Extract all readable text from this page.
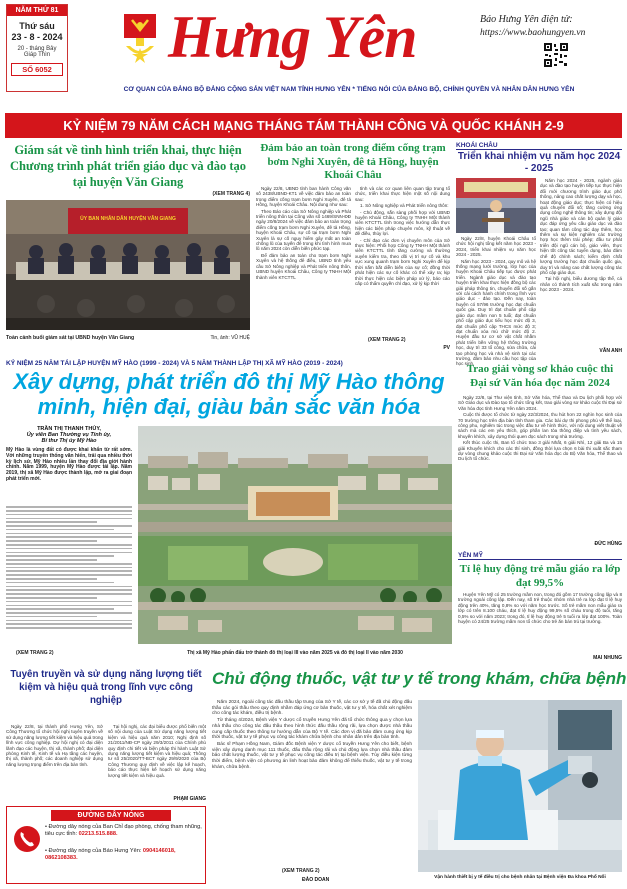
NĂM THỨ 81
Thứ sáu
23 - 8 - 2024
20 - tháng Bảy
Giáp Thìn
SỐ 6052 Hưng Yên	Báo Hưng Yên điện tử:
https://www.baohungyen.vn
CƠ QUAN CỦA ĐẢNG BỘ ĐẢNG CỘNG SẢN VIỆT NAM TỈNH HƯNG YÊN * TIẾNG NÓI CỦA ĐẢNG BỘ, CHÍNH QUYỀN VÀ NHÂN DÂN HƯNG YÊN
KỶ NIỆM 79 NĂM CÁCH MẠNG THÁNG TÁM THÀNH CÔNG VÀ QUỐC KHÁNH 2-9
Giám sát về tình hình triển khai, thực hiện Chương trình phát triển giáo dục và đào tạo tại huyện Văn Giang
(XEM TRANG 4)
ỦY BAN NHÂN DÂN HUYỆN VĂN GIANG
Toàn cảnh buổi giám sát tại UBND huyện Văn Giang	Tin, ảnh: VŨ HUỆ
Đảm bảo an toàn trong điểm cống trạm bơm Nghi Xuyên, đê tả Hồng, huyện Khoái Châu

Ngày 22/8, UBND tỉnh ban hành Công văn số 2438/UBND-KT1 về việc đảm bảo an toàn trọng điểm cống trạm bơm Nghi Xuyên, đê tả Hồng, huyện Khoái Châu. Nội dung như sau:

Theo Báo cáo của Sở Nông nghiệp và Phát triển nông thôn tại Công văn số 1469/SNN-ĐĐ ngày 20/8/2024 về việc đảm bảo an toàn trọng điểm cống trạm bơm Nghi Xuyên, đê tả Hồng, huyện Khoái Châu, sự cố tại trạm bơm Nghi Xuyên là sự cố nguy hiểm gây mất an toàn chống lũ của tuyến đê trong khi tình hình mưa lũ năm 2024 còn diễn biến phức tạp.

Để đảm bảo an toàn cho trạm bơm Nghi Xuyên và hệ thống đê điều, UBND tỉnh yêu cầu Sở Nông nghiệp và Phát triển nông thôn, UBND huyện Khoái Châu, Công ty TNHH Một thành viên KTCTTL

tỉnh và các cơ quan liên quan tập trung tổ chức, triển khai thực hiện một số nội dung sau:

1. Sở Nông nghiệp và Phát triển nông thôn:

- Chủ động, sẵn sàng phối hợp với UBND huyện Khoái Châu, Công ty TNHH Một thành viên KTCTTL tỉnh trong việc hướng dẫn thực hiện các biện pháp chuyên môn, kỹ thuật về đê điều, thủy lợi.

- Chỉ đạo các đơn vị chuyên môn của Sở thực hiện: Phối hợp Công ty TNHH Một thành viên KTCTTL tỉnh tăng cường và thường xuyên kiểm tra, theo dõi vị trí sự cố và khu vực xung quanh trạm bơm Nghi Xuyên để kịp thời nắm bắt diễn biến của sự cố; đồng thời phát hiện các sự cố khác có thể xảy ra; kịp thời thực hiện các biện pháp xử lý, báo cáo cấp có thẩm quyền chỉ đạo, xử lý kịp thời

(XEM TRANG 2)
PV
KHOÁI CHÂU
Triển khai nhiệm vụ năm học 2024 - 2025

Ngày 22/8, huyện Khoái Châu tổ chức hội nghị tổng kết năm học 2023 - 2024, triển khai nhiệm vụ năm học 2024 - 2025.

Năm học 2023 - 2024, quy mô và hệ thống mạng lưới trường, lớp học của huyện Khoái Châu tiếp tục được phát triển. Ngành giáo dục và đào tạo huyện triển khai thực hiện đồng bộ các giải pháp thông tin, chuyển đổi số gắn với cải cách hành chính trong lĩnh vực giáo dục - đào tạo. Đến nay, toàn huyện có 57/96 trường học đạt chuẩn quốc gia. Duy trì đạt chuẩn phổ cập giáo dục mầm non 5 tuổi; đạt chuẩn phổ cập giáo dục tiểu học mức độ 3, đạt chuẩn phổ cập THCS mức độ 3; đạt chuẩn xóa mù chữ mức độ 2. Huyện đầu tư cơ sở vật chất nhằm phát triển bền vững hệ thống trường học, duy trì 33 tổ công, sửa chữa, cải tạo phòng học và nhà vệ sinh tại các trường, đảm bảo nhu cầu học tập của học sinh.

Năm học 2024 - 2025, ngành giáo dục và đào tạo huyện tiếp tục thực hiện đổi mới chương trình giáo dục phổ thông, nâng cao chất lượng dạy và học, hoạt động giáo dục; thực hiện có hiệu quả chuyển đổi số; tăng cường ứng dụng công nghệ thông tin; xây dựng đội ngũ nhà giáo và cán bộ quản lý giáo dục đáp ứng yêu cầu giáo dục và đào tạo; quan tâm công tác dạy thêm, học thêm và sự kiện nghiêm các trường hợp học thêm trái phép; đầu tư phát triển đội ngũ cán bộ, giáo viên, thực hiện tốt công tác tuyển dụng, bảo đảm chế độ chính sách; kiểm định chất lượng trường học đạt chuẩn quốc gia, duy trì và nâng cao chất lượng công tác phổ cập giáo dục.

Tại hội nghị, biểu dương tập thể, cá nhân có thành tích xuất sắc trong năm học 2023 - 2024.

VÂN ANH
KỶ NIỆM 25 NĂM TÁI LẬP HUYỆN MỸ HÀO (1999 - 2024) VÀ 5 NĂM THÀNH LẬP THỊ XÃ MỸ HÀO (2019 - 2024)
Xây dựng, phát triển đô thị Mỹ Hào thông minh, hiện đại, giàu bản sắc văn hóa
TRẦN THỊ THANH THỦY,
Ủy viên Ban Thường vụ Tỉnh ủy,
Bí thư Thị ủy Mỹ Hào
Mỹ Hào là vùng đất có được khai khẩn từ rất sớm. Với những truyền thống văn hiến, trải qua nhiều thời kỳ lịch sử, Mỹ Hào nhiều lần thay đổi địa giới hành chính. Năm 1999, huyện Mỹ Hào được tái lập. Năm 2019, thị xã Mỹ Hào được thành lập, mở ra giai đoạn phát triển mới.
(XEM TRANG 2)	Thị xã Mỹ Hào phấn đấu trở thành đô thị loại III vào năm 2025 và đô thị loại II vào năm 2030
Trao giải vòng sơ khảo cuộc thi Đại sứ Văn hóa đọc năm 2024

Ngày 22/8, tại Thư viện tỉnh, Sở Văn hóa, Thể thao và Du lịch phối hợp với Sở Giáo dục và Đào tạo tổ chức tổng kết, trao giải vòng sơ khảo cuộc thi Đại sứ Văn hóa đọc tỉnh Hưng Yên năm 2024.

Cuộc thi được tổ chức từ ngày 22/3/2024, thu hút hơn 22 nghìn học sinh của 70 trường học trên địa bàn tỉnh tham gia. Các bài dự thi phong phú về thể loại, công phu, nghiêm túc trong việc đầu tư về hình thức, với nội dung viết thuật về sách mà các em yêu thích, góp phần lan tỏa thông điệp và tình yêu sách, khuyến khích, xây dựng thói quen đọc sách trong nhà trường.

Kết thúc cuộc thi, Ban tổ chức trao 3 giải Nhất, 6 giải Nhì, 12 giải Ba và 15 giải Khuyến khích cho các thí sinh, đồng thời lựa chọn 6 bài thi xuất sắc tham dự vòng chung khảo cuộc thi Đại sứ Văn hóa đọc do Bộ Văn hóa, Thể thao và Du lịch tổ chức.

ĐỨC HÙNG
YÊN MỸ
Tỉ lệ huy động trẻ mẫu giáo ra lớp đạt 99,5%

Huyện Yên Mỹ có 25 trường mầm non, trong đó gồm 17 trường công lập và 8 trường ngoài công lập. Đến nay, số trẻ thuộc nhóm nhà trẻ ra lớp đạt tỉ lệ huy động trên 40%, tăng 0,8% so với năm học trước. Số trẻ mầm non mẫu giáo ra lớp có trên 8.100 cháu, đạt tỉ lệ huy động 99,5% số cháu trong độ tuổi, tăng 0,5% so với năm 2023; trong đó, tỉ lệ huy động trẻ 5 tuổi ra lớp đạt 100%. Toàn huyện có 24/25 trường mầm non tổ chức cho trẻ ăn bán trú tại trường.

MAI NHUNG
Tuyên truyền và sử dụng năng lượng tiết kiệm và hiệu quả trong lĩnh vực công nghiệp

Ngày 22/8, tại thành phố Hưng Yên, Sở Công Thương tổ chức hội nghị tuyên truyền về sử dụng năng lượng tiết kiệm và hiệu quả trong lĩnh vực công nghiệp. Dự hội nghị có đại diện lãnh đạo các huyện, thị xã, thành phố; đại diện phòng Kinh tế, Kinh tế và Hạ tầng các huyện, thị xã, thành phố; các doanh nghiệp sử dụng năng lượng trọng điểm trên địa bàn tỉnh.

Tại hội nghị, các đại biểu được phổ biến một số nội dung của Luật Sử dụng năng lượng tiết kiệm và hiệu quả năm 2010; Nghị định số 21/2011/NĐ-CP ngày 29/3/2011 của Chính phủ quy định chi tiết và biện pháp thi hành Luật Sử dụng năng lượng tiết kiệm và hiệu quả; Thông tư số 25/2020/TT-BCT ngày 29/9/2020 của Bộ Công Thương quy định về việc lập kế hoạch, báo cáo thực hiện kế hoạch sử dụng năng lượng tiết kiệm và hiệu quả.

PHẠM GIANG
ĐƯỜNG DÂY NÓNG
• Đường dây nóng của Ban Chỉ đạo phòng, chống tham nhũng, tiêu cực tỉnh: 02213.515.888.
• Đường dây nóng của Báo Hưng Yên: 0904146018, 0862108383.
Chủ động thuốc, vật tư y tế trong khám, chữa bệnh

Năm 2024, ngoài công tác đấu thầu tập trung của Sở Y tế, các cơ sở y tế đã chủ động đấu thầu các gói thầu theo quy định nhằm đáp ứng cơ bản thuốc, vật tư y tế, hóa chất xét nghiệm cho công tác khám, điều trị bệnh.

Từ tháng 4/2024, Bệnh viện Y dược cổ truyền Hưng Yên đã tổ chức thông qua y chọn lựa nhà thầu cho công tác đấu thầu theo hình thức đấu thầu rộng rãi, lựa chọn được nhà thầu cung cấp thuốc theo thông tư hướng dẫn của Bộ Y tế. Các đơn vị đã bảo đảm cung ứng kịp thời thuốc, vật tư y tế phục vụ công tác khám chữa bệnh cho nhân dân trên địa bàn tỉnh.

Bác sĩ Phạm Hồng Nam, Giám đốc Bệnh viện Y dược cổ truyền Hưng Yên cho biết, bệnh viện xây dựng danh mục 111 thuốc, đấu thầu rộng rãi và chủ động lựa chọn nhà thầu đảm bảo chất lượng thuốc, vật tư y tế phục vụ công tác điều trị tại bệnh viện. Tùy điều kiện từng thời điểm, bệnh viện có phương án linh hoạt bảo đảm không để thiếu thuốc, vật tư y tế trong khám, chữa bệnh.

(XEM TRANG 2)
ĐÀO DOAN	Vận hành thiết bị y tế điều trị cho bệnh nhân tại Bệnh viện Đa khoa Phố Nối
